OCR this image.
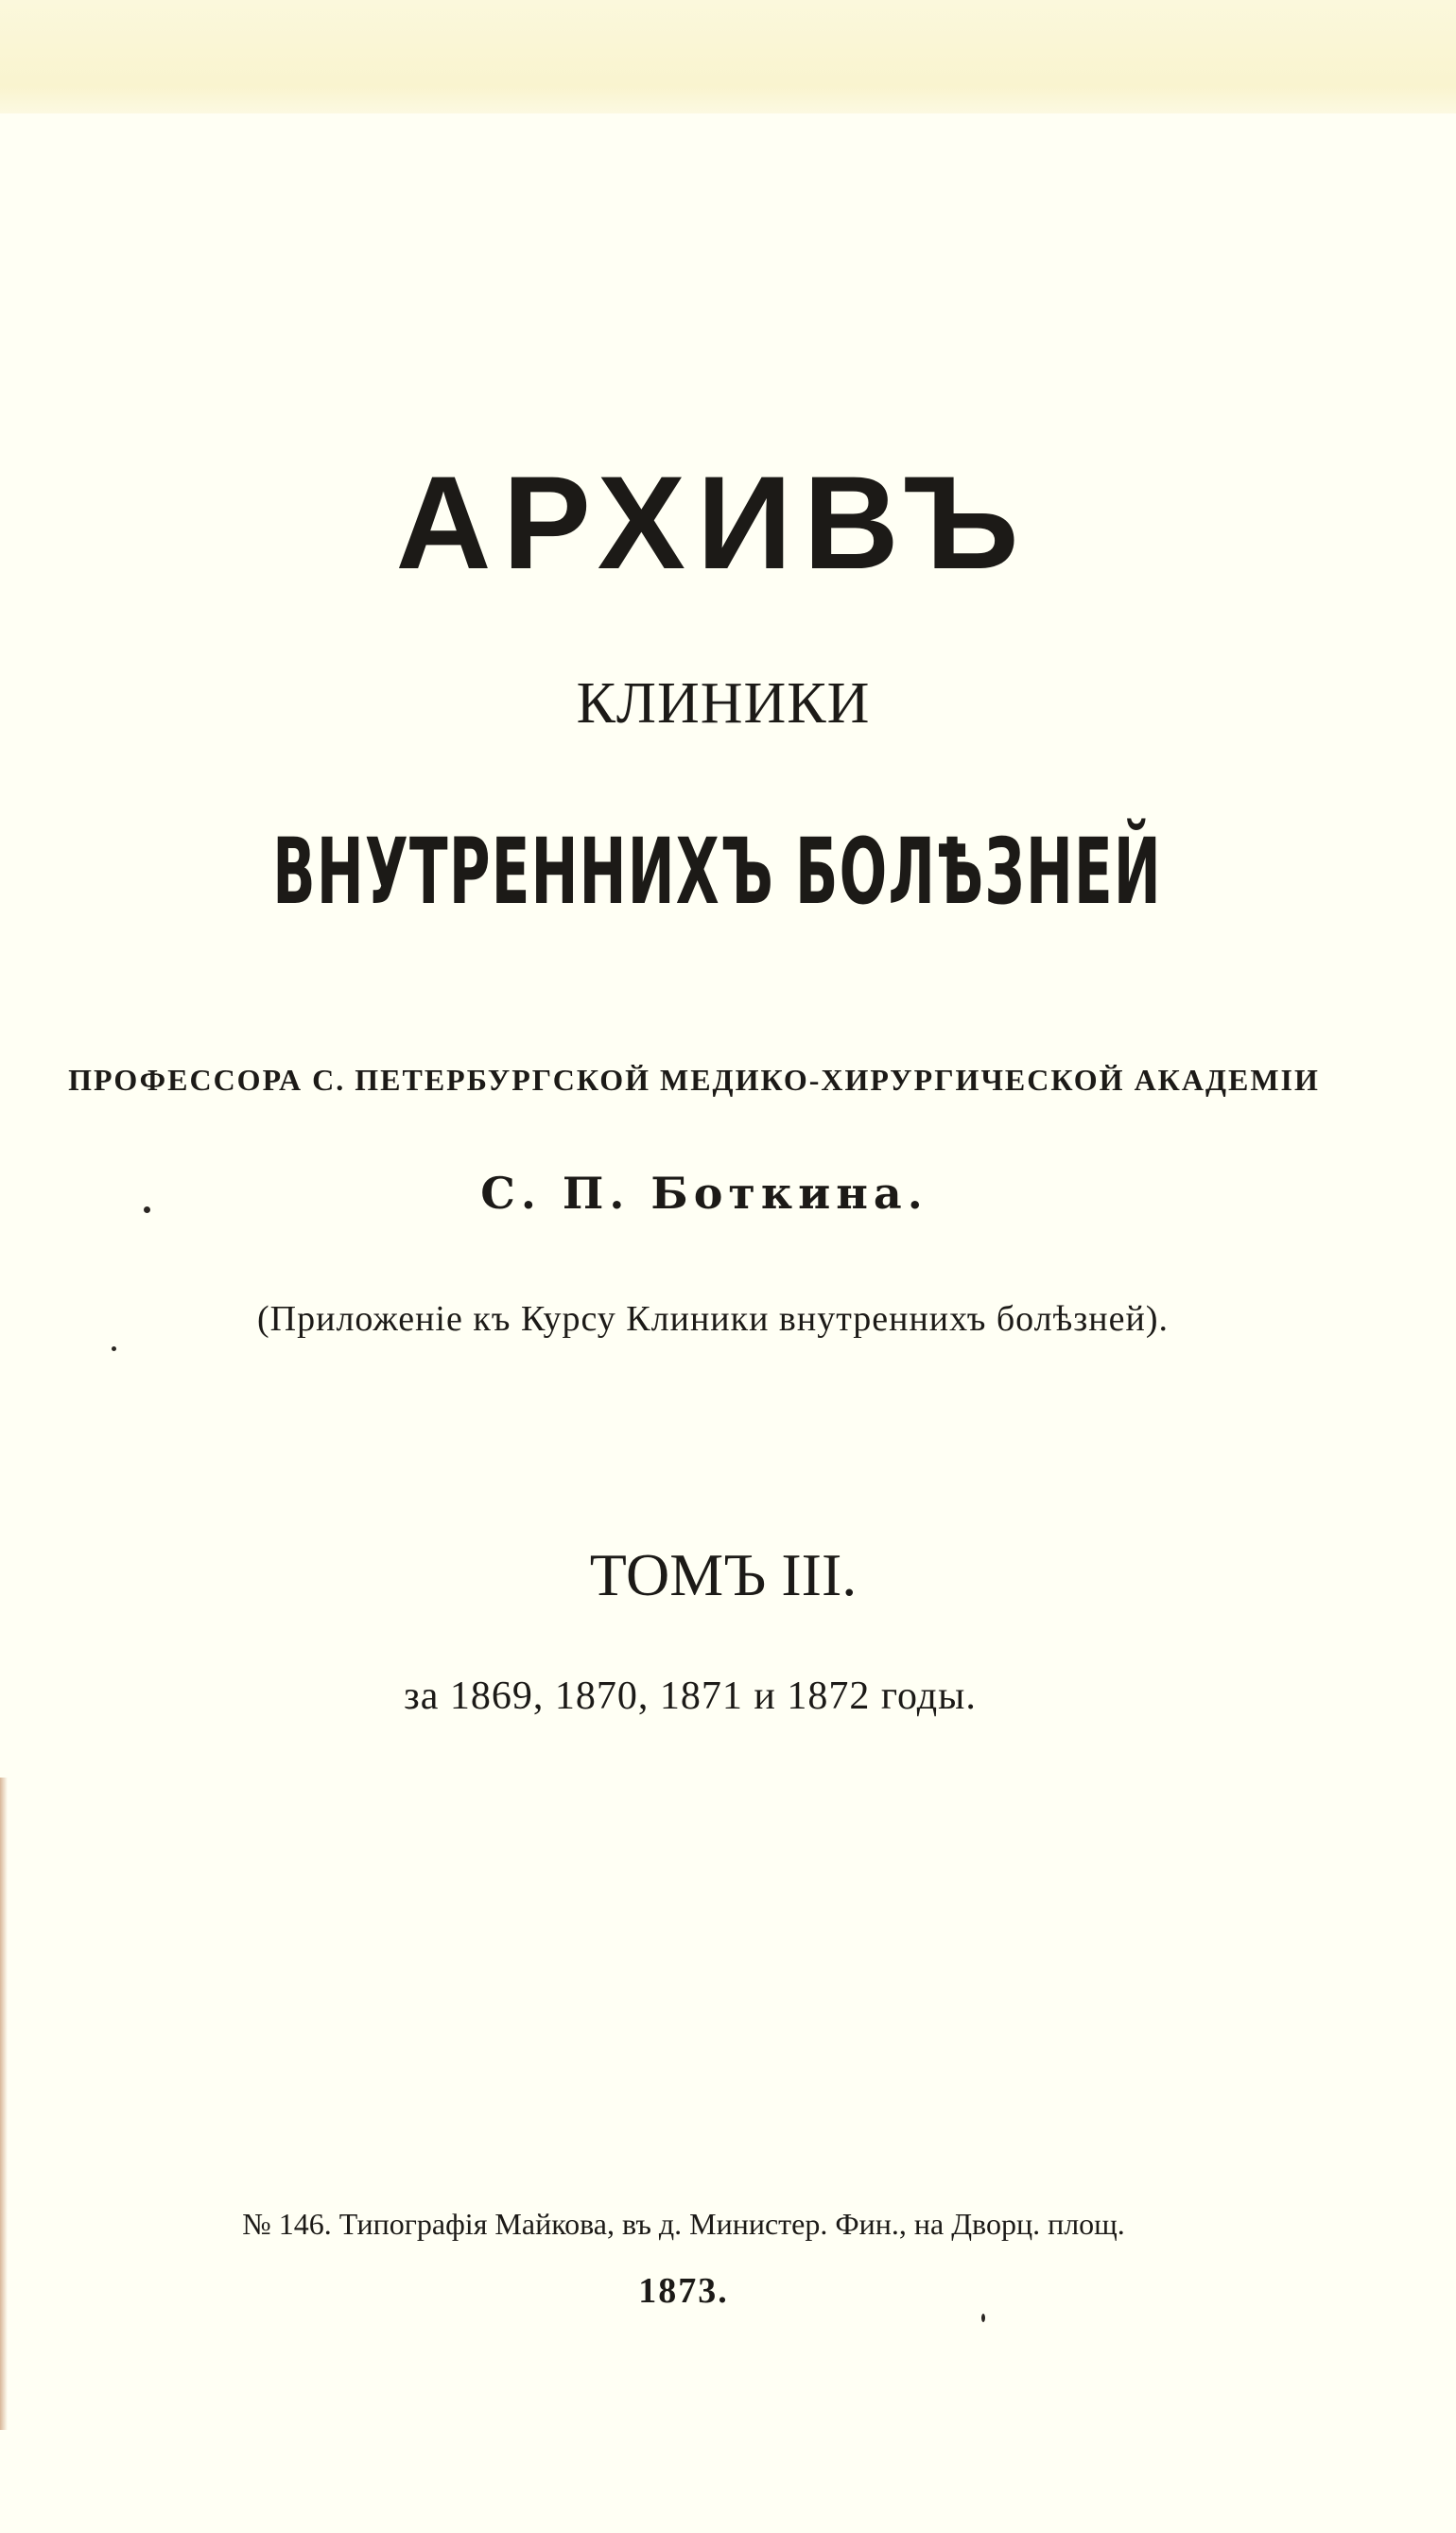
АРХИВЪ
КЛИНИКИ
ВНУТРЕННИХЪ БОЛѢЗНЕЙ
ПРОФЕССОРА С. ПЕТЕРБУРГСКОЙ МЕДИКО-ХИРУРГИЧЕСКОЙ АКАДЕМІИ
С. П. Боткина.
(Приложеніе къ Курсу Клиники внутреннихъ болѣзней).
ТОМЪ III.
за 1869, 1870, 1871 и 1872 годы.
№ 146. Типографія Майкова, въ д. Министер. Фин., на Дворц. площ.
1873.
